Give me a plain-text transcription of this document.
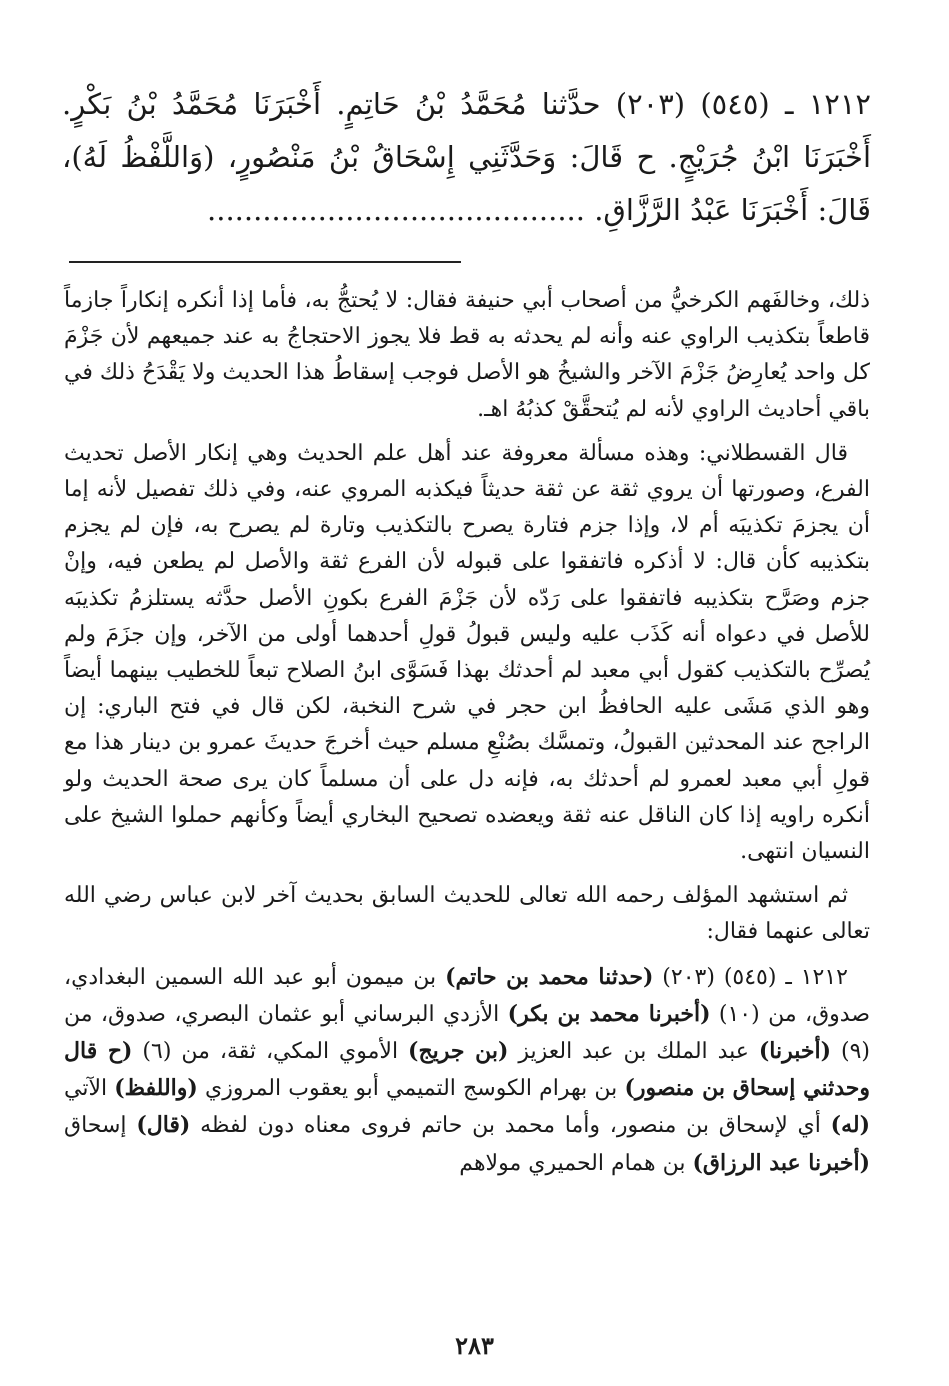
١٢١٢ ـ (٥٤٥) (٢٠٣) حدَّثنا مُحَمَّدُ بْنُ حَاتِمٍ. أَخْبَرَنَا مُحَمَّدُ بْنُ بَكْرٍ. أَخْبَرَنَا ابْنُ جُرَيْجٍ. ح قَالَ: وَحَدَّثَنِي إِسْحَاقُ بْنُ مَنْصُورٍ، (وَاللَّفْظُ لَهُ)، قَالَ: أَخْبَرَنَا عَبْدُ الرَّزَّاقِ. .........................................

ذلك، وخالفَهم الكرخيُّ من أصحاب أبي حنيفة فقال: لا يُحتجُّ به، فأما إذا أنكره إنكاراً جازماً قاطعاً بتكذيب الراوي عنه وأنه لم يحدثه به قط فلا يجوز الاحتجاجُ به عند جميعهم لأن جَزْمَ كل واحد يُعارِضُ جَزْمَ الآخر والشيخُ هو الأصل فوجب إسقاطُ هذا الحديث ولا يَقْدَحُ ذلك في باقي أحاديث الراوي لأنه لم يُتحقَّقْ كذبُهُ اهـ.

قال القسطلاني: وهذه مسألة معروفة عند أهل علم الحديث وهي إنكار الأصل تحديث الفرع، وصورتها أن يروي ثقة عن ثقة حديثاً فيكذبه المروي عنه، وفي ذلك تفصيل لأنه إما أن يجزمَ تكذيبَه أم لا، وإذا جزم فتارة يصرح بالتكذيب وتارة لم يصرح به، فإن لم يجزم بتكذيبه كأن قال: لا أذكره فاتفقوا على قبوله لأن الفرع ثقة والأصل لم يطعن فيه، وإنْ جزم وصَرَّح بتكذيبه فاتفقوا على رَدّه لأن جَزْمَ الفرع بكونِ الأصل حدَّثه يستلزمُ تكذيبَه للأصل في دعواه أنه كَذَب عليه وليس قبولُ قولِ أحدهما أولى من الآخر، وإن جزَمَ ولم يُصرِّح بالتكذيب كقول أبي معبد لم أحدثك بهذا فَسَوَّى ابنُ الصلاح تبعاً للخطيب بينهما أيضاً وهو الذي مَشَى عليه الحافظُ ابن حجر في شرح النخبة، لكن قال في فتح الباري: إن الراجح عند المحدثين القبولُ، وتمسَّك بصُنْعِ مسلم حيث أخرجَ حديثَ عمرو بن دينار هذا مع قولِ أبي معبد لعمرو لم أحدثك به، فإنه دل على أن مسلماً كان يرى صحة الحديث ولو أنكره راويه إذا كان الناقل عنه ثقة ويعضده تصحيح البخاري أيضاً وكأنهم حملوا الشيخ على النسيان انتهى.

ثم استشهد المؤلف رحمه الله تعالى للحديث السابق بحديث آخر لابن عباس رضي الله تعالى عنهما فقال:

١٢١٢ ـ (٥٤٥) (٢٠٣) (حدثنا محمد بن حاتم) بن ميمون أبو عبد الله السمين البغدادي، صدوق، من (١٠) (أخبرنا محمد بن بكر) الأزدي البرساني أبو عثمان البصري، صدوق، من (٩) (أخبرنا) عبد الملك بن عبد العزيز (بن جريج) الأموي المكي، ثقة، من (٦) (ح قال وحدثني إسحاق بن منصور) بن بهرام الكوسج التميمي أبو يعقوب المروزي (واللفظ) الآتي (له) أي لإسحاق بن منصور، وأما محمد بن حاتم فروى معناه دون لفظه (قال) إسحاق (أخبرنا عبد الرزاق) بن همام الحميري مولاهم

٢٨٣
